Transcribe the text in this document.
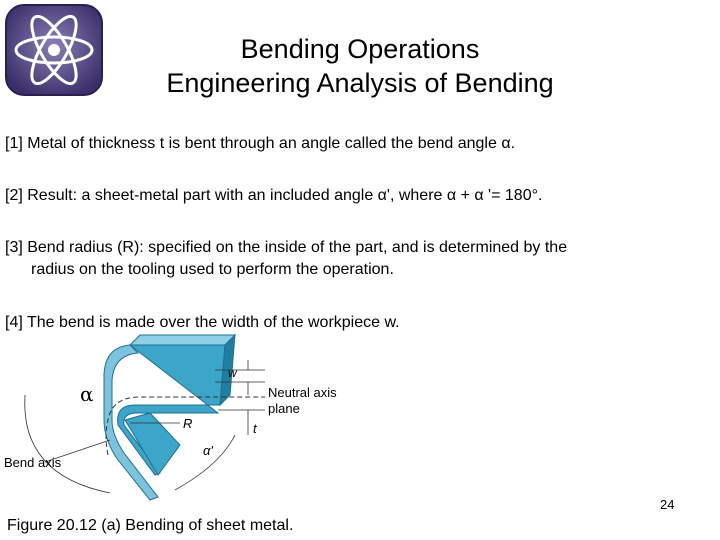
Bending Operations
Engineering Analysis of Bending
[1] Metal of thickness t is bent through an angle called the bend angle α.
[2] Result: a sheet-metal part with an included angle α', where α + α '= 180°.
[3] Bend radius (R): specified on the inside of the part, and is determined by the
radius on the tooling used to perform the operation.
[4] The bend is made over the width of the workpiece w.
α
w
Neutral axis
plane
R	t
α'
Bend axis
24
Figure 20.12 (a) Bending of sheet metal.
